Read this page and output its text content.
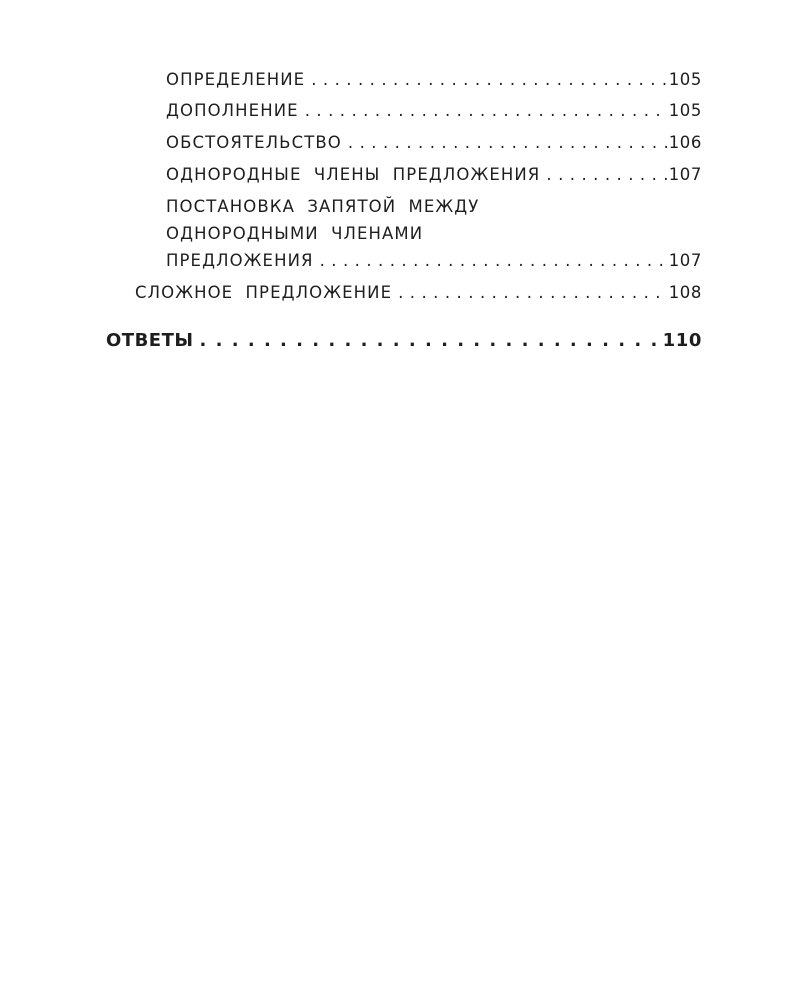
ОПРЕДЕЛЕНИЕ . . .	105
ДОПОЛНЕНИЕ . . .	105
ОБСТОЯТЕЛЬСТВО . . .	106
ОДНОРОДНЫЕ ЧЛЕНЫ ПРЕДЛОЖЕНИЯ . . .	107
ПОСТАНОВКА ЗАПЯТОЙ МЕЖДУ
ОДНОРОДНЫМИ ЧЛЕНАМИ
ПРЕДЛОЖЕНИЯ . . .	107
СЛОЖНОЕ ПРЕДЛОЖЕНИЕ . . .	108
ОТВЕТЫ . . .	110
